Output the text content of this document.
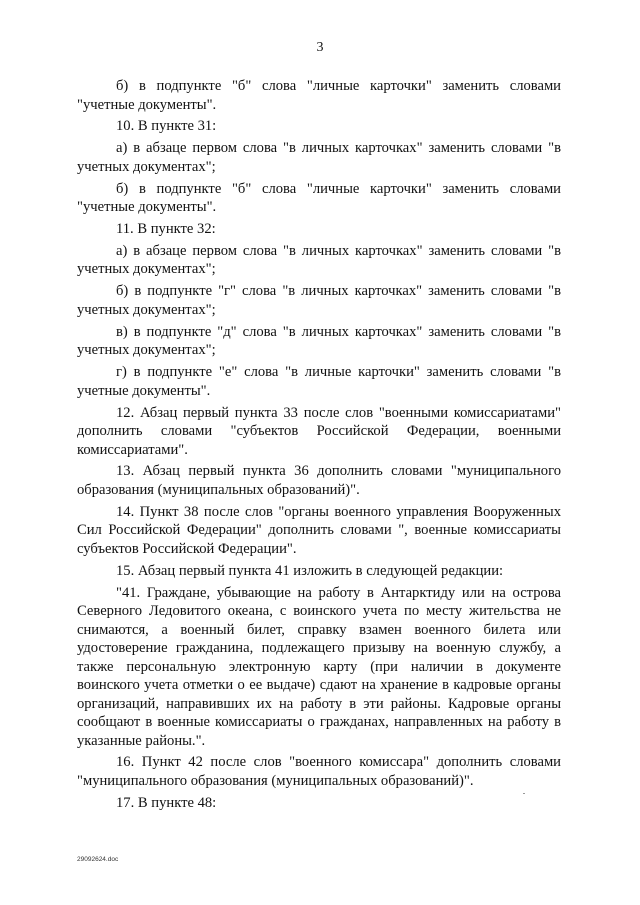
3

б) в подпункте "б" слова "личные карточки" заменить словами "учетные документы".

10. В пункте 31:

а) в абзаце первом слова "в личных карточках" заменить словами "в учетных документах";

б) в подпункте "б" слова "личные карточки" заменить словами "учетные документы".

11. В пункте 32:

а) в абзаце первом слова "в личных карточках" заменить словами "в учетных документах";

б) в подпункте "г" слова "в личных карточках" заменить словами "в учетных документах";

в) в подпункте "д" слова "в личных карточках" заменить словами "в учетных документах";

г) в подпункте "е" слова "в личные карточки" заменить словами "в учетные документы".

12. Абзац первый пункта 33 после слов "военными комиссариатами" дополнить словами "субъектов Российской Федерации, военными комиссариатами".

13. Абзац первый пункта 36 дополнить словами "муниципального образования (муниципальных образований)".

14. Пункт 38 после слов "органы военного управления Вооруженных Сил Российской Федерации" дополнить словами ", военные комиссариаты субъектов Российской Федерации".

15. Абзац первый пункта 41 изложить в следующей редакции:

"41. Граждане, убывающие на работу в Антарктиду или на острова Северного Ледовитого океана, с воинского учета по месту жительства не снимаются, а военный билет, справку взамен военного билета или удостоверение гражданина, подлежащего призыву на военную службу, а также персональную электронную карту (при наличии в документе воинского учета отметки о ее выдаче) сдают на хранение в кадровые органы организаций, направивших их на работу в эти районы. Кадровые органы сообщают в военные комиссариаты о гражданах, направленных на работу в указанные районы.".

16. Пункт 42 после слов "военного комиссара" дополнить словами "муниципального образования (муниципальных образований)".

17. В пункте 48:

29092624.doc
